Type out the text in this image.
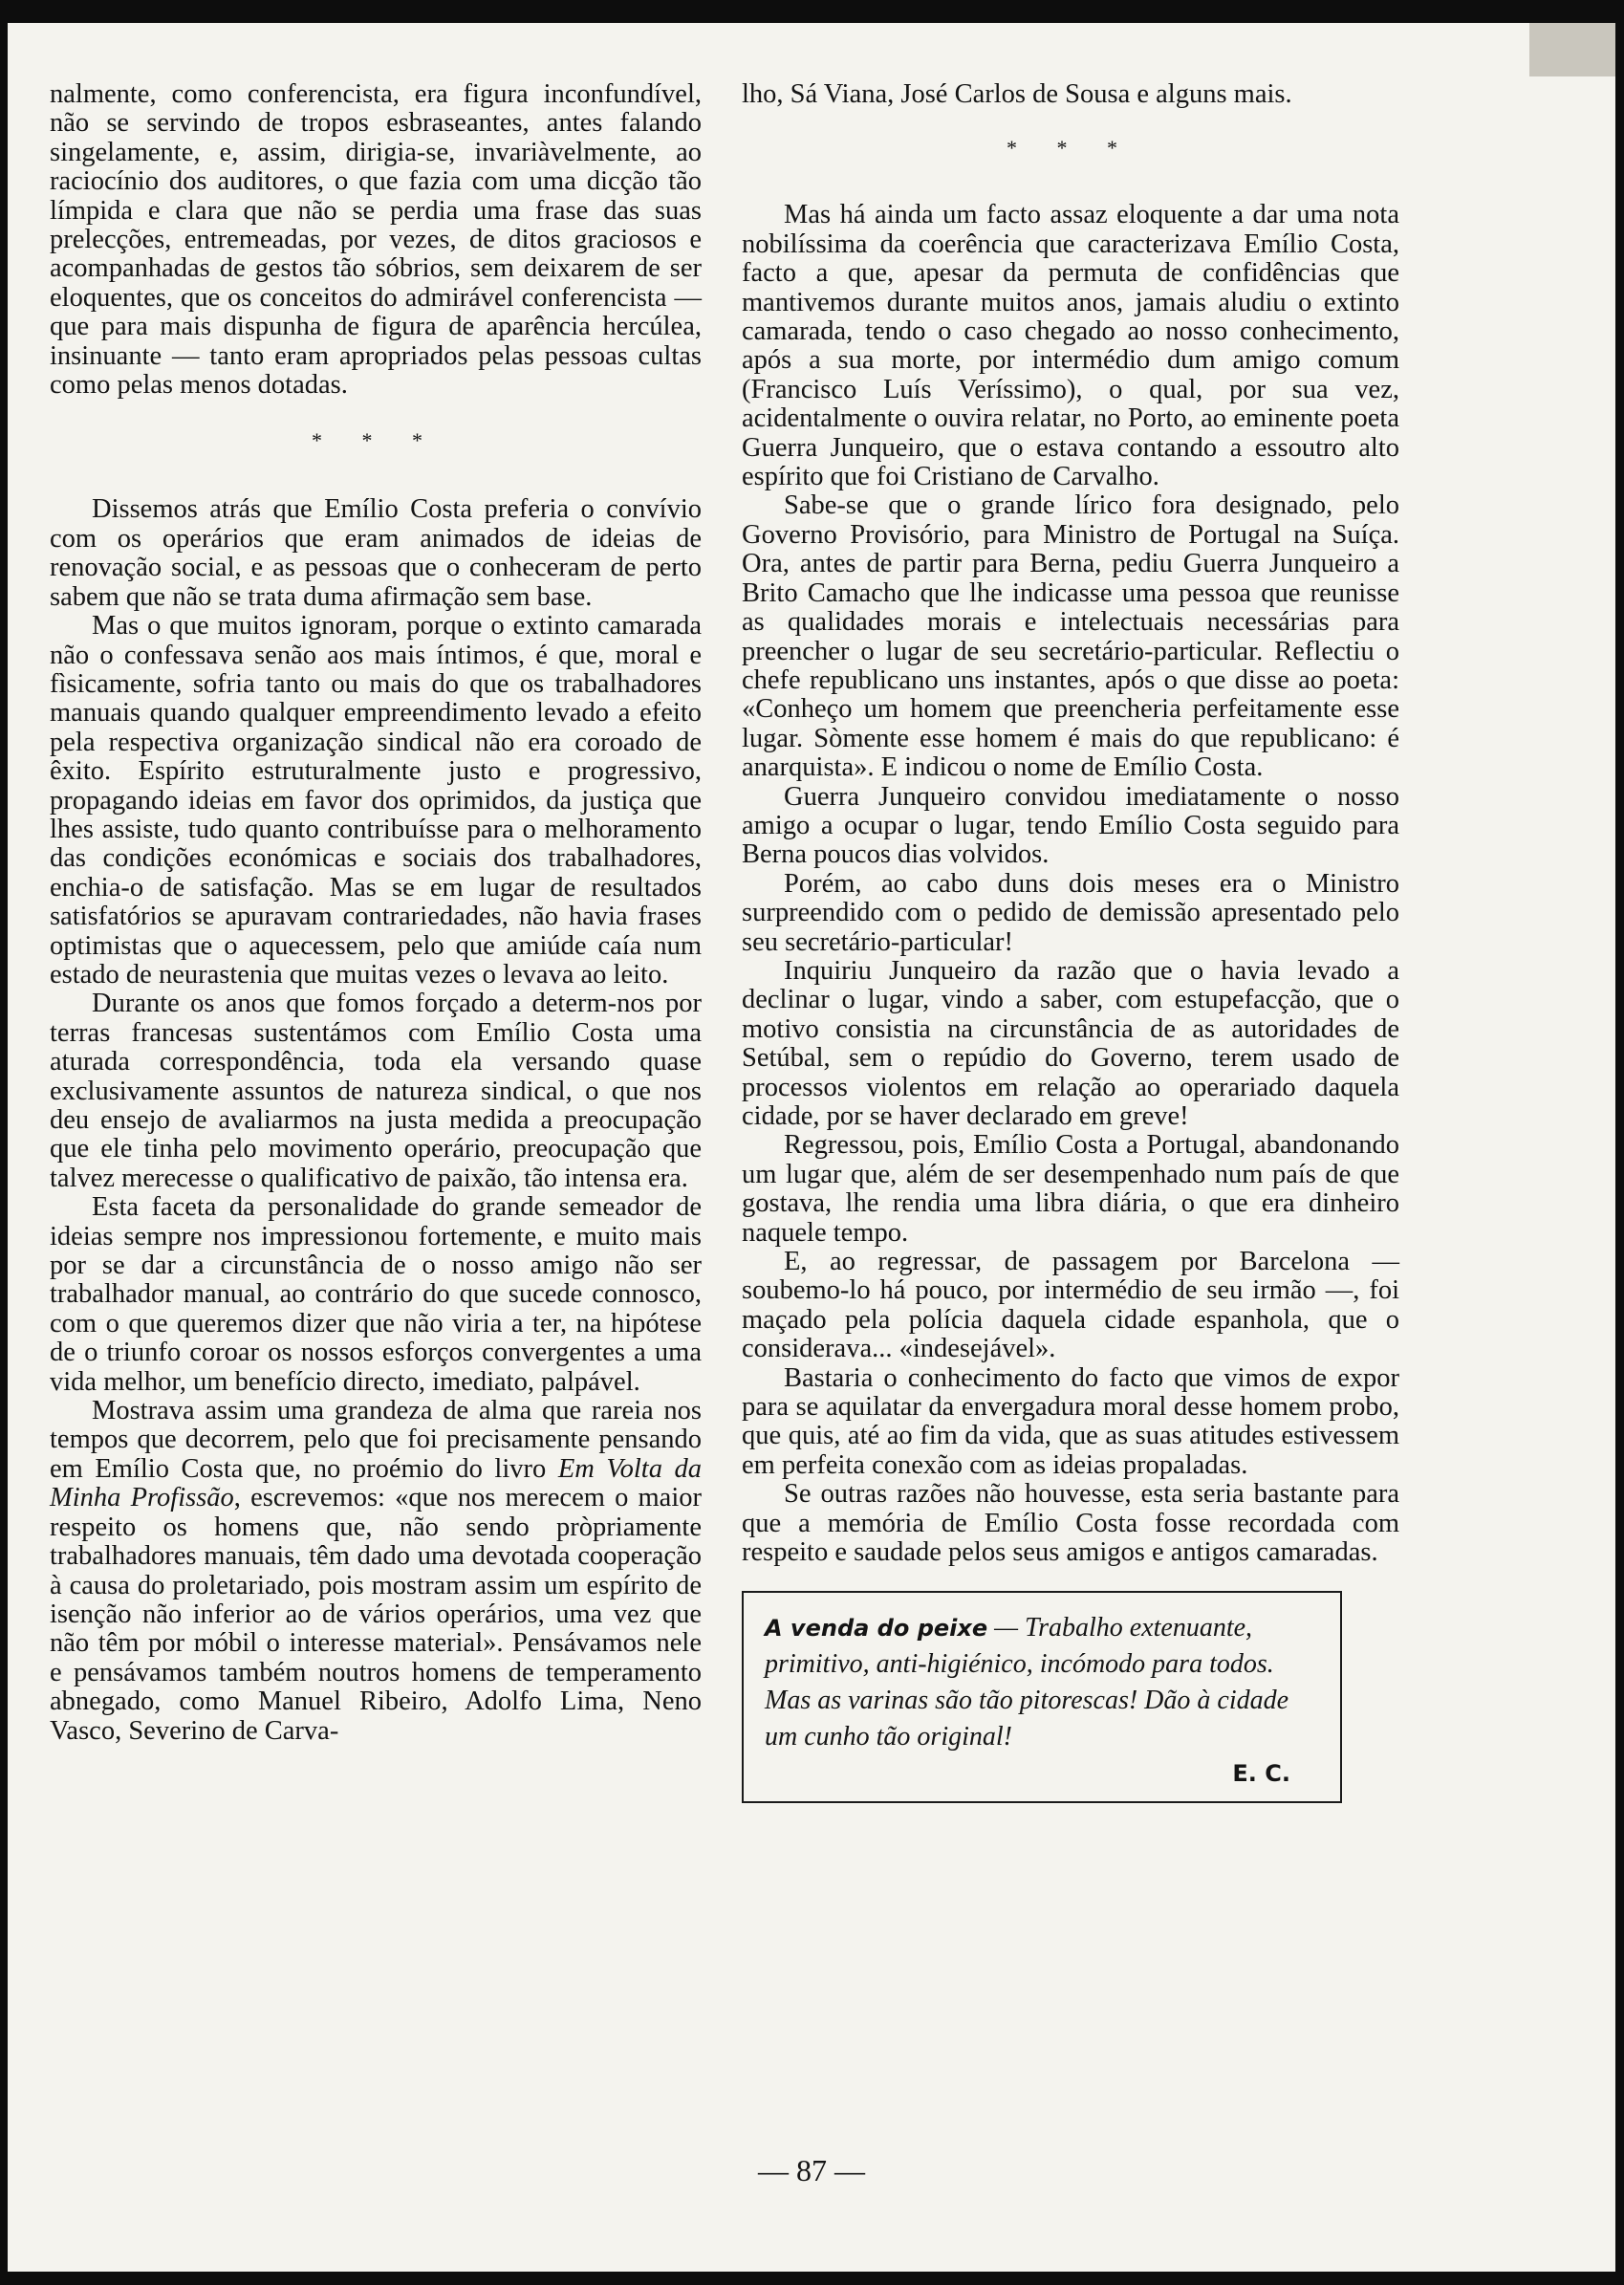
nalmente, como conferencista, era figura inconfundível, não se servindo de tropos esbraseantes, antes falando singelamente, e, assim, dirigia-se, invariàvelmente, ao raciocínio dos auditores, o que fazia com uma dicção tão límpida e clara que não se perdia uma frase das suas prelecções, entremeadas, por vezes, de ditos graciosos e acompanhadas de gestos tão sóbrios, sem deixarem de ser eloquentes, que os conceitos do admirável conferencista — que para mais dispunha de figura de aparência hercúlea, insinuante — tanto eram apropriados pelas pessoas cultas como pelas menos dotadas.

* * *

Dissemos atrás que Emílio Costa preferia o convívio com os operários que eram animados de ideias de renovação social, e as pessoas que o conheceram de perto sabem que não se trata duma afirmação sem base.

Mas o que muitos ignoram, porque o extinto camarada não o confessava senão aos mais íntimos, é que, moral e fìsicamente, sofria tanto ou mais do que os trabalhadores manuais quando qualquer empreendimento levado a efeito pela respectiva organização sindical não era coroado de êxito. Espírito estruturalmente justo e progressivo, propagando ideias em favor dos oprimidos, da justiça que lhes assiste, tudo quanto contribuísse para o melhoramento das condições económicas e sociais dos trabalhadores, enchia-o de satisfação. Mas se em lugar de resultados satisfatórios se apuravam contrariedades, não havia frases optimistas que o aquecessem, pelo que amiúde caía num estado de neurastenia que muitas vezes o levava ao leito.

Durante os anos que fomos forçado a determ-nos por terras francesas sustentámos com Emílio Costa uma aturada correspondência, toda ela versando quase exclusivamente assuntos de natureza sindical, o que nos deu ensejo de avaliarmos na justa medida a preocupação que ele tinha pelo movimento operário, preocupação que talvez merecesse o qualificativo de paixão, tão intensa era.

Esta faceta da personalidade do grande semeador de ideias sempre nos impressionou fortemente, e muito mais por se dar a circunstância de o nosso amigo não ser trabalhador manual, ao contrário do que sucede connosco, com o que queremos dizer que não viria a ter, na hipótese de o triunfo coroar os nossos esforços convergentes a uma vida melhor, um benefício directo, imediato, palpável.

Mostrava assim uma grandeza de alma que rareia nos tempos que decorrem, pelo que foi precisamente pensando em Emílio Costa que, no proémio do livro Em Volta da Minha Profissão, escrevemos: «que nos merecem o maior respeito os homens que, não sendo pròpriamente trabalhadores manuais, têm dado uma devotada cooperação à causa do proletariado, pois mostram assim um espírito de isenção não inferior ao de vários operários, uma vez que não têm por móbil o interesse material». Pensávamos nele e pensávamos também noutros homens de temperamento abnegado, como Manuel Ribeiro, Adolfo Lima, Neno Vasco, Severino de Carva-

lho, Sá Viana, José Carlos de Sousa e alguns mais.

* * *

Mas há ainda um facto assaz eloquente a dar uma nota nobilíssima da coerência que caracterizava Emílio Costa, facto a que, apesar da permuta de confidências que mantivemos durante muitos anos, jamais aludiu o extinto camarada, tendo o caso chegado ao nosso conhecimento, após a sua morte, por intermédio dum amigo comum (Francisco Luís Veríssimo), o qual, por sua vez, acidentalmente o ouvira relatar, no Porto, ao eminente poeta Guerra Junqueiro, que o estava contando a essoutro alto espírito que foi Cristiano de Carvalho.

Sabe-se que o grande lírico fora designado, pelo Governo Provisório, para Ministro de Portugal na Suíça. Ora, antes de partir para Berna, pediu Guerra Junqueiro a Brito Camacho que lhe indicasse uma pessoa que reunisse as qualidades morais e intelectuais necessárias para preencher o lugar de seu secretário-particular. Reflectiu o chefe republicano uns instantes, após o que disse ao poeta: «Conheço um homem que preencheria perfeitamente esse lugar. Sòmente esse homem é mais do que republicano: é anarquista». E indicou o nome de Emílio Costa.

Guerra Junqueiro convidou imediatamente o nosso amigo a ocupar o lugar, tendo Emílio Costa seguido para Berna poucos dias volvidos.

Porém, ao cabo duns dois meses era o Ministro surpreendido com o pedido de demissão apresentado pelo seu secretário-particular!

Inquiriu Junqueiro da razão que o havia levado a declinar o lugar, vindo a saber, com estupefacção, que o motivo consistia na circunstância de as autoridades de Setúbal, sem o repúdio do Governo, terem usado de processos violentos em relação ao operariado daquela cidade, por se haver declarado em greve!

Regressou, pois, Emílio Costa a Portugal, abandonando um lugar que, além de ser desempenhado num país de que gostava, lhe rendia uma libra diária, o que era dinheiro naquele tempo.

E, ao regressar, de passagem por Barcelona — soubemo-lo há pouco, por intermédio de seu irmão —, foi maçado pela polícia daquela cidade espanhola, que o considerava... «indesejável».

Bastaria o conhecimento do facto que vimos de expor para se aquilatar da envergadura moral desse homem probo, que quis, até ao fim da vida, que as suas atitudes estivessem em perfeita conexão com as ideias propaladas.

Se outras razões não houvesse, esta seria bastante para que a memória de Emílio Costa fosse recordada com respeito e saudade pelos seus amigos e antigos camaradas.

A venda do peixe — Trabalho extenuante, primitivo, anti-higiénico, incómodo para todos. Mas as varinas são tão pitorescas! Dão à cidade um cunho tão original!
E. C.
— 87 —
